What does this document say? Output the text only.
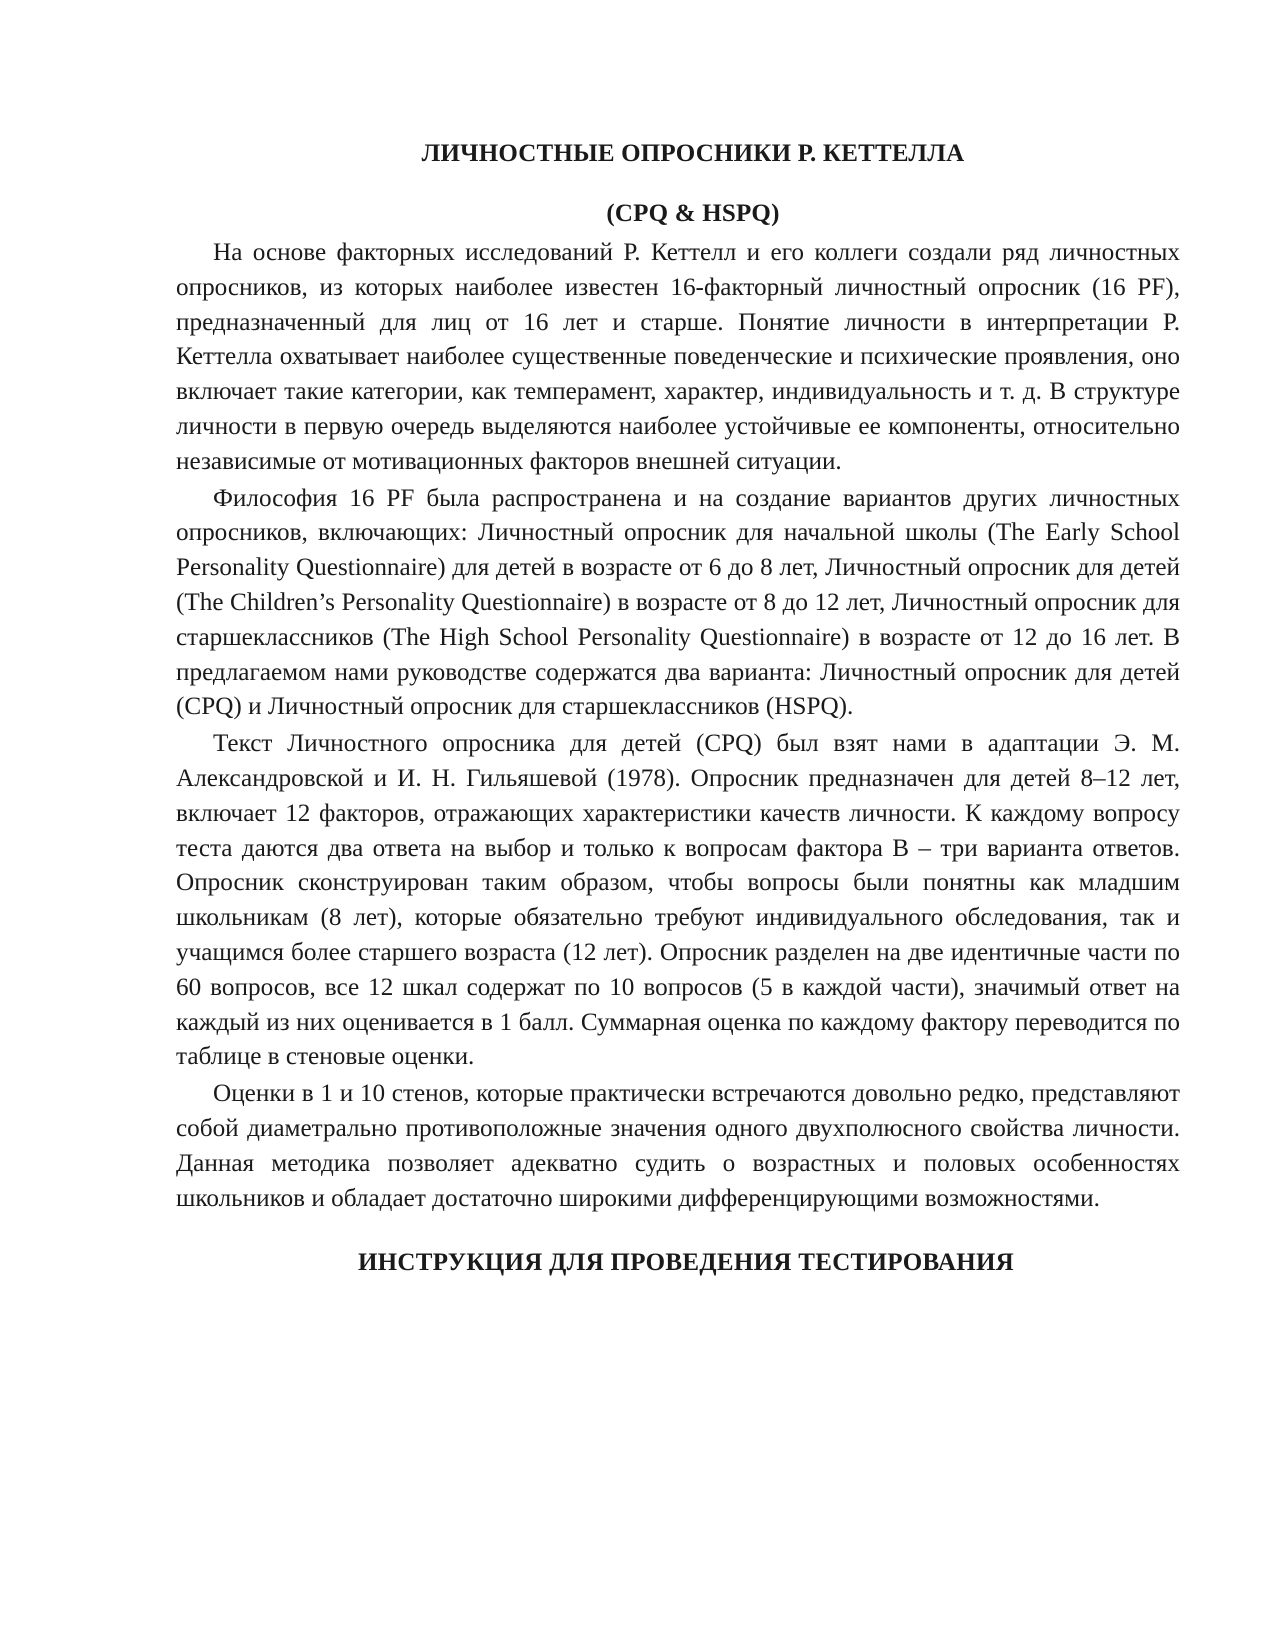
ЛИЧНОСТНЫЕ ОПРОСНИКИ Р. КЕТТЕЛЛА
(CPQ & HSPQ)

На основе факторных исследований Р. Кеттелл и его коллеги создали ряд личностных опросников, из которых наиболее известен 16-факторный личностный опросник (16 PF), предназначенный для лиц от 16 лет и старше. Понятие личности в интерпретации Р. Кеттелла охватывает наиболее существенные поведенческие и психические проявления, оно включает такие категории, как темперамент, характер, индивидуальность и т. д. В структуре личности в первую очередь выделяются наиболее устойчивые ее компоненты, относительно независимые от мотивационных факторов внешней ситуации.

Философия 16 PF была распространена и на создание вариантов других личностных опросников, включающих: Личностный опросник для начальной школы (The Early School Personality Questionnaire) для детей в возрасте от 6 до 8 лет, Личностный опросник для детей (The Children’s Personality Questionnaire) в возрасте от 8 до 12 лет, Личностный опросник для старшеклассников (The High School Personality Questionnaire) в возрасте от 12 до 16 лет. В предлагаемом нами руководстве содержатся два варианта: Личностный опросник для детей (CPQ) и Личностный опросник для старшеклассников (HSPQ).

Текст Личностного опросника для детей (CPQ) был взят нами в адаптации Э. М. Александровской и И. Н. Гильяшевой (1978). Опросник предназначен для детей 8–12 лет, включает 12 факторов, отражающих характеристики качеств личности. К каждому вопросу теста даются два ответа на выбор и только к вопросам фактора В – три варианта ответов. Опросник сконструирован таким образом, чтобы вопросы были понятны как младшим школьникам (8 лет), которые обязательно требуют индивидуального обследования, так и учащимся более старшего возраста (12 лет). Опросник разделен на две идентичные части по 60 вопросов, все 12 шкал содержат по 10 вопросов (5 в каждой части), значимый ответ на каждый из них оценивается в 1 балл. Суммарная оценка по каждому фактору переводится по таблице в стеновые оценки.

Оценки в 1 и 10 стенов, которые практически встречаются довольно редко, представляют собой диаметрально противоположные значения одного двухполюсного свойства личности. Данная методика позволяет адекватно судить о возрастных и половых особенностях школьников и обладает достаточно широкими дифференцирующими возможностями.

ИНСТРУКЦИЯ ДЛЯ ПРОВЕДЕНИЯ ТЕСТИРОВАНИЯ
